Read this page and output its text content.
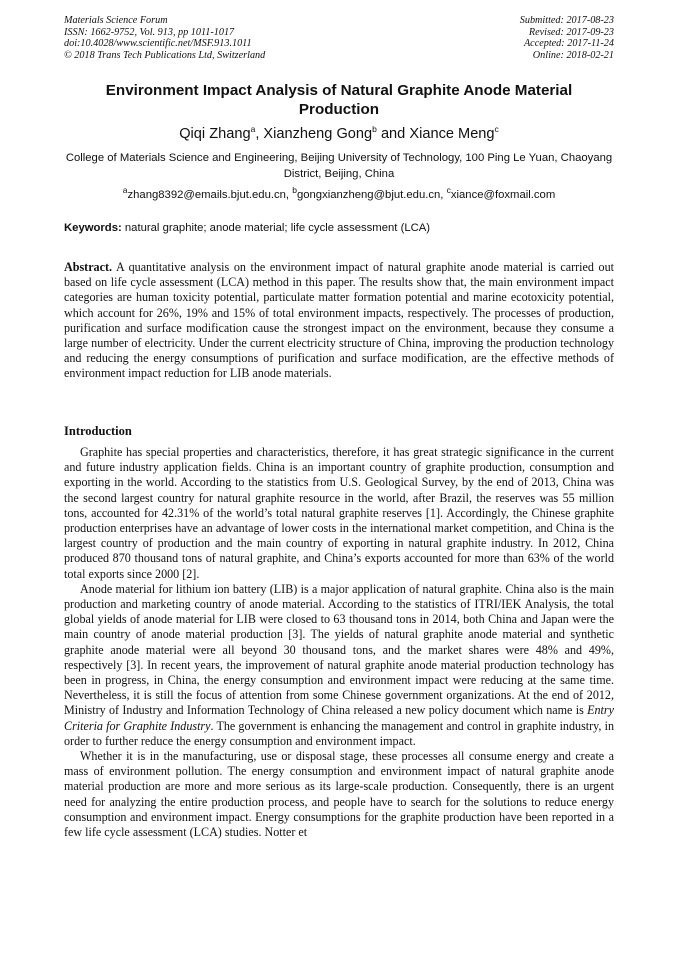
Materials Science Forum
ISSN: 1662-9752, Vol. 913, pp 1011-1017
doi:10.4028/www.scientific.net/MSF.913.1011
© 2018 Trans Tech Publications Ltd, Switzerland
Submitted: 2017-08-23
Revised: 2017-09-23
Accepted: 2017-11-24
Online: 2018-02-21
Environment Impact Analysis of Natural Graphite Anode Material Production
Qiqi Zhang$^a$, Xianzheng Gong$^b$ and Xiance Meng$^c$
College of Materials Science and Engineering, Beijing University of Technology, 100 Ping Le Yuan, Chaoyang District, Beijing, China
$^a$zhang8392@emails.bjut.edu.cn, $^b$gongxianzheng@bjut.edu.cn, $^c$xiance@foxmail.com
Keywords: natural graphite; anode material; life cycle assessment (LCA)
Abstract. A quantitative analysis on the environment impact of natural graphite anode material is carried out based on life cycle assessment (LCA) method in this paper. The results show that, the main environment impact categories are human toxicity potential, particulate matter formation potential and marine ecotoxicity potential, which account for 26%, 19% and 15% of total environment impacts, respectively. The processes of production, purification and surface modification cause the strongest impact on the environment, because they consume a large number of electricity. Under the current electricity structure of China, improving the production technology and reducing the energy consumptions of purification and surface modification, are the effective methods of environment impact reduction for LIB anode materials.
Introduction

Graphite has special properties and characteristics, therefore, it has great strategic significance in the current and future industry application fields. China is an important country of graphite production, consumption and exporting in the world. According to the statistics from U.S. Geological Survey, by the end of 2013, China was the second largest country for natural graphite resource in the world, after Brazil, the reserves was 55 million tons, accounted for 42.31% of the world’s total natural graphite reserves [1]. Accordingly, the Chinese graphite production enterprises have an advantage of lower costs in the international market competition, and China is the largest country of production and the main country of exporting in natural graphite industry. In 2012, China produced 870 thousand tons of natural graphite, and China’s exports accounted for more than 63% of the world total exports since 2000 [2].

Anode material for lithium ion battery (LIB) is a major application of natural graphite. China also is the main production and marketing country of anode material. According to the statistics of ITRI/IEK Analysis, the total global yields of anode material for LIB were closed to 63 thousand tons in 2014, both China and Japan were the main country of anode material production [3]. The yields of natural graphite anode material and synthetic graphite anode material were all beyond 30 thousand tons, and the market shares were 48% and 49%, respectively [3]. In recent years, the improvement of natural graphite anode material production technology has been in progress, in China, the energy consumption and environment impact were reducing at the same time. Nevertheless, it is still the focus of attention from some Chinese government organizations. At the end of 2012, Ministry of Industry and Information Technology of China released a new policy document which name is Entry Criteria for Graphite Industry. The government is enhancing the management and control in graphite industry, in order to further reduce the energy consumption and environment impact.

Whether it is in the manufacturing, use or disposal stage, these processes all consume energy and create a mass of environment pollution. The energy consumption and environment impact of natural graphite anode material production are more and more serious as its large-scale production. Consequently, there is an urgent need for analyzing the entire production process, and people have to search for the solutions to reduce energy consumption and environment impact. Energy consumptions for the graphite production have been reported in a few life cycle assessment (LCA) studies. Notter et
